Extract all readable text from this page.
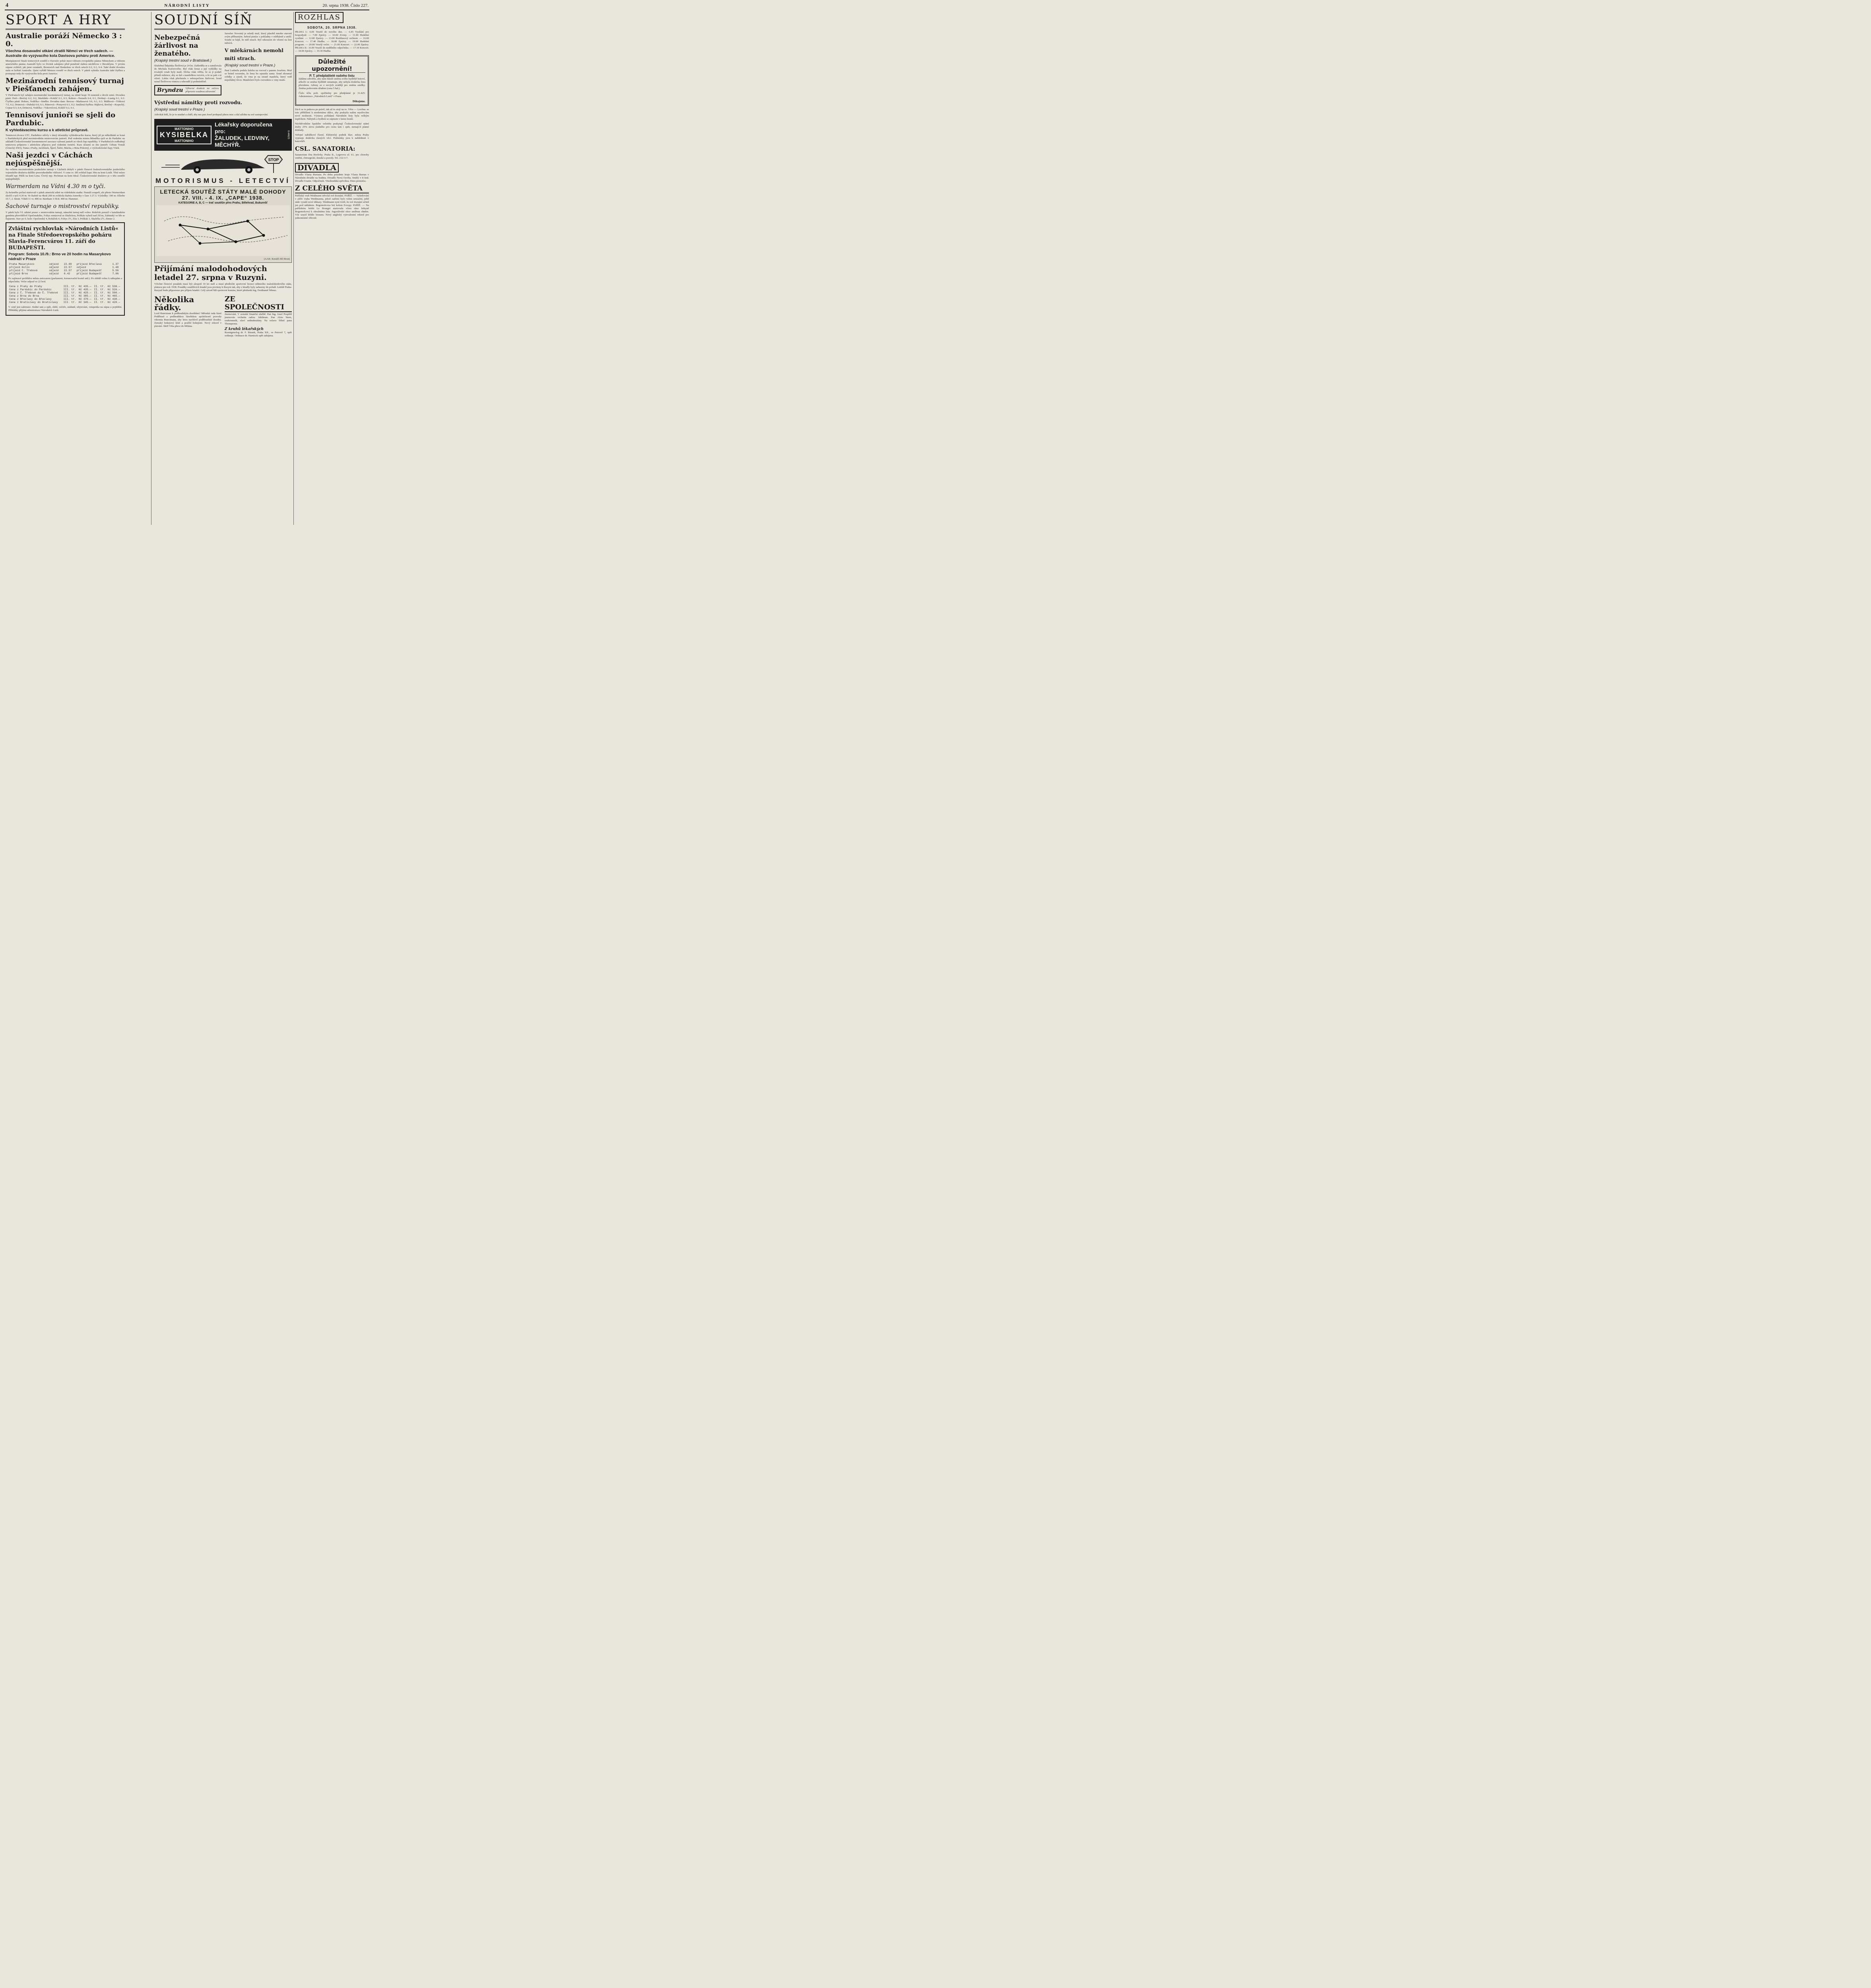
4	NÁRODNÍ LISTY	20. srpna 1938. Číslo 227.
SPORT A HRY
Australie poráží Německo 3 : 0.
Všechna dosavadní utkání ztratili Němci ve třech sadech. — Australie do vyzývacího kola Davisova poháru proti Americe.

Mezipásmové finale tenisových soutěží o Davisův pohár mezi vítězem evropského pásma Německem a vítězem amerického pásma Australií bylo ve čtvrtek zahájeno před poměrně slabou návštěvou v Brooklynu. V prvém zápase zvítězil, jak jsme oznámili, Bromwich nad Henkelem ve třech setech 6:2, 6:3, 6:4. Také druhé dvouhra stala se kořistí Australie. Quist vyřídil Metaxu rovněž ve třech setech. V pátek vyhrála Australie také čtyřhru a postupuje tedy do vyzývacího kola proti Americe.

Mezinárodní tennisový turnaj v Piešťanech zahájen.

V Piešťanech byl zahájen mezinárodní lawntennisový turnaj, na němž hraje 36 tennistů z devíti zemí. Dvouhra pánů: Pető—Brečný 6:2, 6:2, Maršálek—Koklič 6:1, 6:3, Rohrer—Nemeth 6:4, 6:1, Drobný—Lustig 6:1, 6:3. Čtyřhra pánů: Rohrer, Vodička—Sindler. Dvouhra dam: Bercsu—Markusová 3:6, 6:1, 6:3. Mášková—Tóthová 7:5, 6:2, Drtinová—Dubská 6:0, 6:1, Páterová—Ponyová 6:1, 6:2. Smíšená čtyřhra: Hájková, Brečný—Kopecký, Cejnar 6:3, 6:4, Drtinová, Vodička—Vukovičová, Koklič 6:2, 6:1.

Tennisoví junioři se sjeli do Pardubic.
K vyhledávacímu kursu a k atletické průpravě.

Tennisová dvorce LTC. Pardubice ožívly v úterý účastníky vyhledávacího kursu, který již po několikáté se koná v Pardubických před mezinárodním mistrovstvím juniorů. Pod vedením mistra Minaříka sjeli se do Pardubic na základě Československé lawntennisové asociace vybraní junioři ze všech žup republiky. V Pardubicích zodbuhují tenisovou průpravu i atletickou přípravu pod vedením trenérů. Kurs účastní se tito junioři: Gibian Tomáš (Ústecký ZSO), Tuma z Prahy, Jarolímek, Šperl, Šubrt, Mácha, z Brna Pokorný, z východočeské župy Vítek.

Naši jezdci v Cáchách nejúspěšnější.

Na velkém mezinárodním jezdeckém turnaji v Cáchách dobyli v pátek členové československého jezdeckého vojenského družstva dalšího pozoruhodného vítězství. V cenu sv. Jiří zvítězil kapt. Hin na koni Leták. Třetí místo obsadil npr. Pitlík na koni Lena. Čtvrtý mjr. Pechman na koni Ideal. Československé družstvo je v této soutěži nejúspěšnější.

Warmerdam na Vídni 4.30 m o tyči.

Za krásného počasí startovali v pátek americkí atleti na vídeňském stadiu. Nemáli soupeři, ale přesto Warmerdam skočil o tyči 4.30 m. Ve štafetě na 4krát 200 m zvítězila štafeta Ameriky v čase 1:27.3. Výsledky: 100 m: Ellerbe 10.7, 2. Strutt. Vídeň 11 vt. 800 m: Beetham 1:50.8. 400 m: Hammer.

Šachové turnaje o mistrovství republiky.

V pátek bylo VI. utkání pouze v mistrovském turnaji, námořní turnaj měl volno. Rohiček porazil v katalánském gambitu přesvědčivě Opočenského, Foltys remizoval se Skalickou, Pelikán vyhrál nad Zíťou, Zabinský ve hře se Šajtarem. Stav po 6. kole: Opočenský 4, Roháček 4, Foltys 3½, Zíta 3, Pelikán 3, Skalička 2½, Zinner 2.

Zvláštní rychlovlak »Národních Listů« na Finale Středoevropského poháru Slavia-Ferencváros 11. září do BUDAPEŠTI.
Program: Sobota 10./9.: Brno ve 20 hodin na Masarykovo nádraží v Praze
Praha Masarykovo	odjezd	22.00	příjezd Břeclava	1.37
příjezd Kolín	odjezd	22.57	odjezd	1.48
příjezd C. Třebová	odjezd	22.57	příjezd Budapešť	5.56
příjezd Brno	odjezd	0.42	příjezd Budapešť	7.06

Po zajímavé prohlídce města autocarem (parlament, korunovační kostel atd.). Po obědě volno k nákupům a odpočinku. Večer odjezd ve 22 hod.

Cena z Prahy do Prahy	III. tř.	Kč 435.—	II. tř.	Kč 536.—
Cena z Pardubic do Pardubic	III. tř.	Kč 435.—	II. tř.	Kč 526.—
Cena z Č. Třebové do Č. Třebové	III. tř.	Kč 425.—	II. tř.	Kč 500.—
Cena z Brna do Brna	III. tř.	Kč 385.—	II. tř.	Kč 465.—
Cena z Břeclavy do Břeclavy	III. tř.	Kč 370.—	II. tř.	Kč 430.—
Cena z Bratislavy do Bratislavy	III. tř.	Kč 345.—	II. tř.	Kč 420.—

V ceně jest zahrnuto: Jízdné tam a zpět, oběd, večeře, snídaně, ubytování, vstupenka na zápas a pojištění. Přihlášky přijímá administrace Národních Listů.

SOUDNÍ SÍŇ
Nebezpečná žárlivost na ženatého.
(Krajský trestní soud v Bratislavě.)

Služebná Štěpánka Štolfová je 24 let. Zahleděla se a zamilovala do Michala Kučerového. Byl však ženat a její vyhlídky na trvalejší vztah byly malé. Dívka však věřila, že se jí podaří přimět milence, aby se dal s manželkou rozvést, a že se pak s ní ožení. Láska však přerůstala v nebezpečnou žárlivost. Soud uznal Štolfovou vinnou a odsoudil ji podmíněčně.

Bryndzu Výborné dvakrát na večeru připravte soudnou zdravotní

Jaroslav Novotný je mladý muž, který působil mnoho starostí svým příbuzným. Sebral peníze z pokladny v mlékárně a utekl. Soudu se hájil, že měl strach. Byl odsouzen do vězení na šest měsíců.

V mlékárnách nemohl míti strach.
(Krajský soud trestní v Praze.)

Paní Ludmila podala žalobu na rozvod s panem Josefem. Muž se bránil tvrzením, že žena ho opustila sama. Soud zkoumal svědky a zjistil, že vina je na straně manžela, který vedl nepořádný život. Manželství bylo rozvedeno z viny muže.

Výstřední námitky proti rozvodu.
(Krajský soud trestní v Praze.)

Advokát řekl, že je to snadné a chtěl, aby mu pan Josef podepsal plnou moc a dal zálohu na své zastupování.

MATTONIHO
KYSIBELKA
MATTONIHO
Lékařsky doporučena pro:
ŽALUDEK, LEDVINY, MĚCHÝŘ.
8.44623
STOP
MOTORISMUS - LETECTVÍ
LETECKÁ SOUTĚŽ STÁTY MALÉ DOHODY
27. VIII. - 4. IX. „CAPE“ 1938.
KATEGORIE A, B, C — trať soutěže přes Prahu, Bělehrad, Bukurešť
(AAK: Kreslil Jiří Hron)
Přijímání malodohodových letadel 27. srpna v Ruzyni.

Včichni členové posádek musí být alespoň 10 let staří a musí předložiti sportovní licenci některého malodohodového státu, platnou pro rok 1938. Posádky soutěžících letadel jsou povinny k Ruzyni tak, aby s letadly byly zařazeny do pořadí. Letiště Praha-Ruzyně bude připraveno pro příjem letadel. Celý závod řídí sportovní komise, které předsedá Ing. Ferdinand Němec.

Několika řádky.

Lord Runciman k podbradským dostihům? Městská rada lázní Poděbrad s podbradskou lázeňskou společností pozvaly vikomta Runcimana, aby letos navštívil poděbradské dostihy. Zemský hokejový klub a pražští hokejisté. Nový rekord v plavání. Skiff Vrba přece do Milána.

ZE SPOLEČNOSTI

Jmenování. V zemské finanční službě: Pan Ing. Josef Pospíšil jmenován vrchním radou. Jubileum. Pan Alois Stern, soukromník, slaví sedmdesátiny. Na oslavu 50letí pana Thompsona.

Z kruhů lékařských

Roentgenolog dr. F. Bienek, Praha XII., ve Petrově 7, opět ordinuje. Ordinace dr. Harnicek opět zahájena.

ROZHLAS
SOBOTA, 20. SRPNA 1938.

PRAHA I.: 6.00 Veselé do nového dne. — 6.45 Vysílání pro hospodyně. — 7.00 Zprávy. — 10.00 Zvony. — 11.00 Hudební vysílání. — 12.00 Zprávy. — 13.00 Rozhlasový orchestr. — 16.00 Koncert. — 17.40 Hudba. — 18.00 Zprávy. — 19.00 Hudební program. — 20.00 Veselý večer. — 21.00 Koncert. — 22.00 Zprávy. PRAHA II.: 16.00 Veselé do nedělního odpočinku. — 17.10 Koncert. — 18.00 Zprávy. — 19.30 Hudba.

Důležité upozornění!
P. T. předplatitelé našeho listu

žádáme zdvořile, aby nám hlásili změnu svého bydliště hotové, ačkoliv se změna bydliště oznamuje, aby nebyla dodávka listu přerušena. Adresy se o nových uvádějí pro změnu zásilky. Změna poštovním úřadem (cena 5 hal.).

Číslo účtu pošt. spořitelny pro předplatné je 31.425: Administrace „Národních Listů“ v Praze.

Děkujeme.

Dá-li se to pukova po právě, tak už to stojí na to. Věru — Lověna: se toto přiblížení k modernímu dálce, aby poskytla našim myslivcům nové možnosti. Výstava pořádaná Národním listy byla velkým úspěchem. Nábytek a bydlení se zápisem v knize hostů.

Návštěvníkům lipského veletrhu poskytují Československé státní dráhy 25% slevu jízdného pro cestu tam i zpět, nemají-li platné doklady.

Veřejné nabídkové řízení. Elektrický podnik hlav. města Prahy vypisuje dodávku různých věcí. Podmínky jsou k nahlédnutí v kanceláři.

CSL. SANATORIA:

Sanatorium Dra Borůvky. Praha II., Legerova ul. 61, pro choroby vnitřní, chirurgické, ženské a porody. Tel. 212-3-7.

DIVADLA

Divadlo Vlasty Buriana. Po dobu prázdnin hraje Vlasta Burian v Národním divadle na hodinu. Divadlo Nová Osvěta. Smělý v 8 hod. Divadlo Uranie. Odpočinek. Vinohradská zpěvohra. Dnes premiéra.

Z CELÉHO SVĚTA

Pařížský vrah Weidmann odvolal své doznání. PAŘÍŽ. — Vyšetřování v aféře vraha Weidmanna, jehož zatčení bylo velmi senzační, ještě stále vynáší nové důkazy. Weidmann nyní tvrdí, že své doznání učinil jen pod nátlakem. Bogomolcova letí kolem Evropy. PAŘÍŽ. — Na pařížském letišti Le Bourget startovala včera ráno letkyně Bogomolcová k okružnímu letu. Jugoslávské obce smířena ohněm. Vítr urazil křídlo letounu. Nový anglický vytrvalostní rekord pro jednomístné větroně.
